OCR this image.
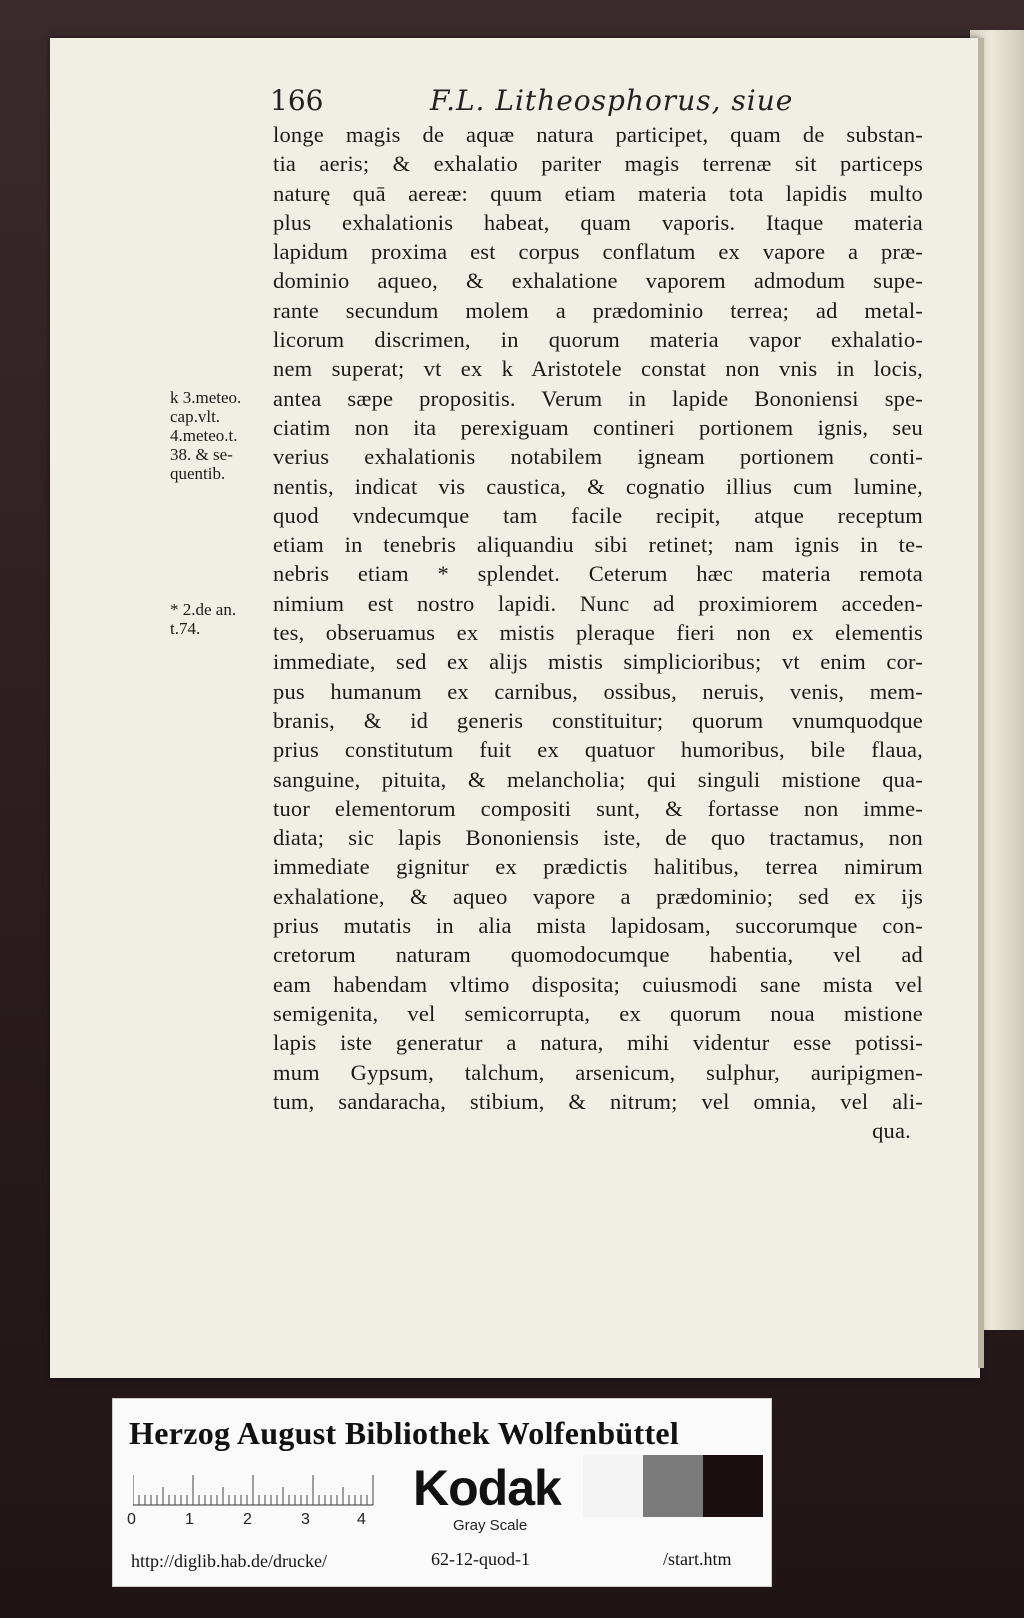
166	F.L. Litheosphorus, siue
longe magis de aquæ natura participet, quam de substan-
tia aeris; & exhalatio pariter magis terrenæ sit particeps
naturę quā aereæ: quum etiam materia tota lapidis multo
plus exhalationis habeat, quam vaporis. Itaque materia
lapidum proxima est corpus conflatum ex vapore a præ-
dominio aqueo, & exhalatione vaporem admodum supe-
rante secundum molem a prædominio terrea; ad metal-
licorum discrimen, in quorum materia vapor exhalatio-
nem superat; vt ex k Aristotele constat non vnis in locis,
antea sæpe propositis. Verum in lapide Bononiensi spe-
ciatim non ita perexiguam contineri portionem ignis, seu
verius exhalationis notabilem igneam portionem conti-
nentis, indicat vis caustica, & cognatio illius cum lumine,
quod vndecumque tam facile recipit, atque receptum
etiam in tenebris aliquandiu sibi retinet; nam ignis in te-
nebris etiam * splendet. Ceterum hæc materia remota
nimium est nostro lapidi. Nunc ad proximiorem acceden-
tes, obseruamus ex mistis pleraque fieri non ex elementis
immediate, sed ex alijs mistis simplicioribus; vt enim cor-
pus humanum ex carnibus, ossibus, neruis, venis, mem-
branis, & id generis constituitur; quorum vnumquodque
prius constitutum fuit ex quatuor humoribus, bile flaua,
sanguine, pituita, & melancholia; qui singuli mistione qua-
tuor elementorum compositi sunt, & fortasse non imme-
diata; sic lapis Bononiensis iste, de quo tractamus, non
immediate gignitur ex prædictis halitibus, terrea nimirum
exhalatione, & aqueo vapore a prædominio; sed ex ijs
prius mutatis in alia mista lapidosam, succorumque con-
cretorum naturam quomodocumque habentia, vel ad
eam habendam vltimo disposita; cuiusmodi sane mista vel
semigenita, vel semicorrupta, ex quorum noua mistione
lapis iste generatur a natura, mihi videntur esse potissi-
mum Gypsum, talchum, arsenicum, sulphur, auripigmen-
tum, sandaracha, stibium, & nitrum; vel omnia, vel ali-
qua.
k 3.meteo.
cap.vlt.
4.meteo.t.
38. & se-
quentib.
* 2.de an.
t.74.
Herzog August Bibliothek Wolfenbüttel
0	1	2	3	4
Kodak
Gray Scale
http://diglib.hab.de/drucke/	62-12-quod-1	/start.htm
